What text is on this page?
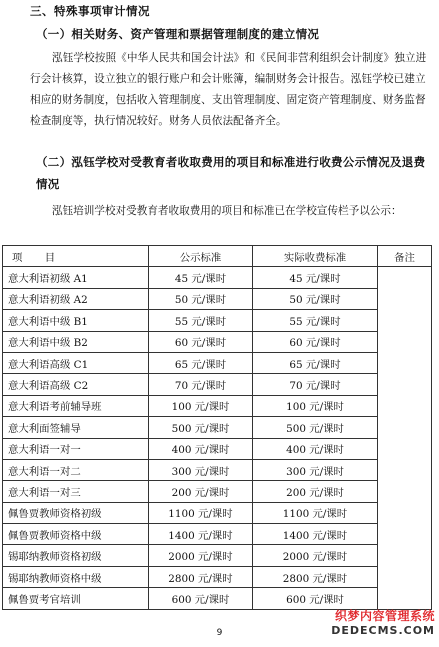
三、特殊事项审计情况
（一）相关财务、资产管理和票据管理制度的建立情况
泓钰学校按照《中华人民共和国会计法》和《民间非营利组织会计制度》独立进行会计核算，设立独立的银行账户和会计账簿，编制财务会计报告。泓钰学校已建立相应的财务制度，包括收入管理制度、支出管理制度、固定资产管理制度、财务监督检查制度等，执行情况较好。财务人员依法配备齐全。
（二）泓钰学校对受教育者收取费用的项目和标准进行收费公示情况及退费
情况
泓钰培训学校对受教育者收取费用的项目和标准已在学校宣传栏予以公示：
项　目	公示标准	实际收费标准	备注
意大利语初级 A1	45 元/课时	45 元/课时	
意大利语初级 A2	50 元/课时	50 元/课时	
意大利语中级 B1	55 元/课时	55 元/课时	
意大利语中级 B2	60 元/课时	60 元/课时	
意大利语高级 C1	65 元/课时	65 元/课时	
意大利语高级 C2	70 元/课时	70 元/课时	
意大利语考前辅导班	100 元/课时	100 元/课时	
意大利面签辅导	500 元/课时	500 元/课时	
意大利语一对一	400 元/课时	400 元/课时	
意大利语一对二	300 元/课时	300 元/课时	
意大利语一对三	200 元/课时	200 元/课时	
佩鲁贾教师资格初级	1100 元/课时	1100 元/课时	
佩鲁贾教师资格中级	1400 元/课时	1400 元/课时	
锡耶纳教师资格初级	2000 元/课时	2000 元/课时	
锡耶纳教师资格中级	2800 元/课时	2800 元/课时	
佩鲁贾考官培训	600 元/课时	600 元/课时	
9
织梦内容管理系统
DEDECMS.COM
